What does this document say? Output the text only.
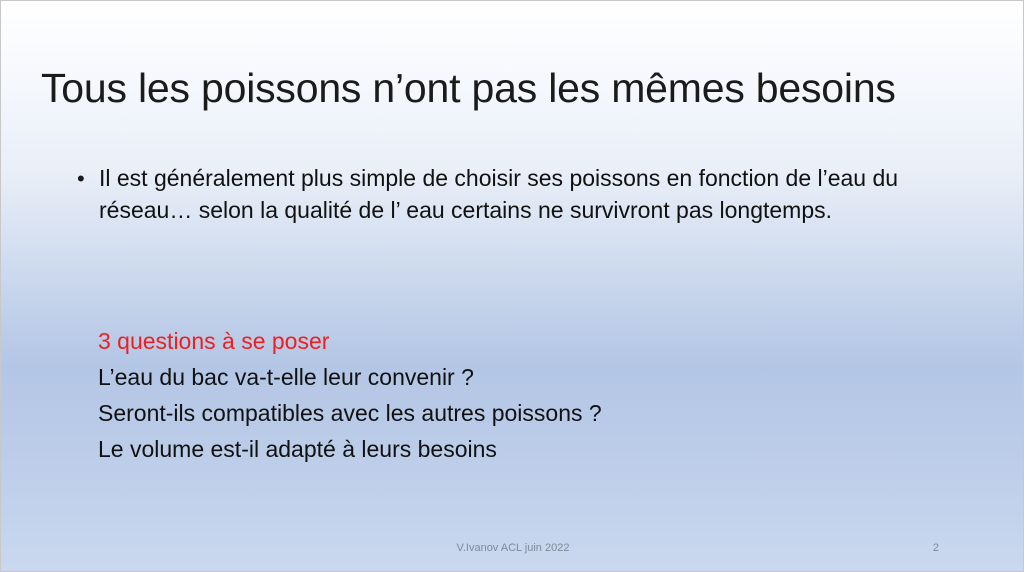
Tous les poissons n’ont pas les mêmes besoins
• Il est généralement plus simple de choisir ses poissons en fonction de l’eau du réseau… selon la qualité de l’ eau certains ne survivront pas longtemps.
3 questions à se poser
L’eau du bac va-t-elle leur convenir ?
Seront-ils compatibles avec les autres poissons ?
Le volume est-il adapté à leurs besoins
V.Ivanov ACL juin 2022	2
